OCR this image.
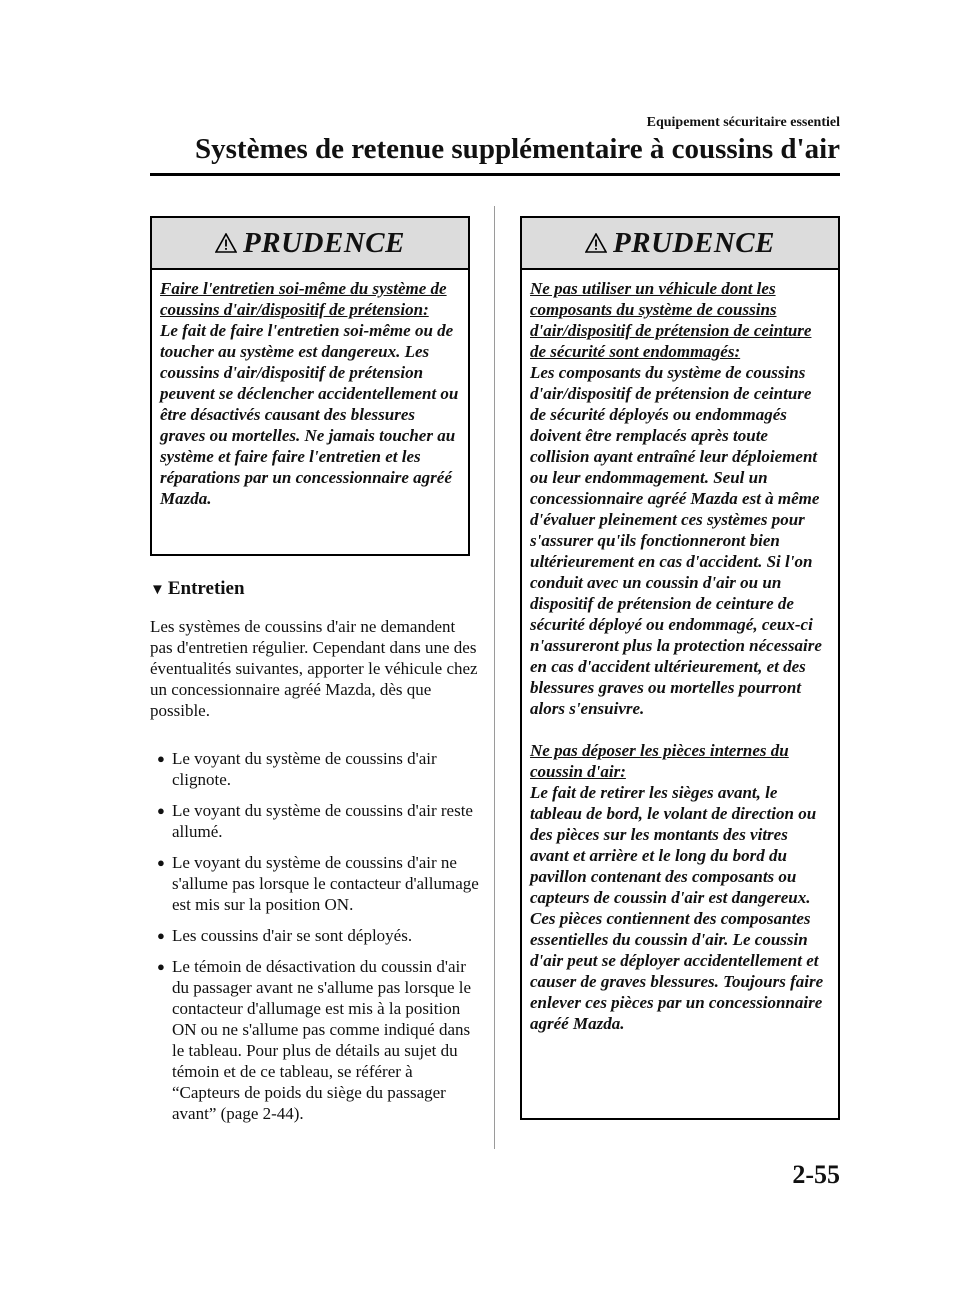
Equipement sécuritaire essentiel
Systèmes de retenue supplémentaire à coussins d'air
PRUDENCE

Faire l'entretien soi-même du système de coussins d'air/dispositif de prétension:

Le fait de faire l'entretien soi-même ou de toucher au système est dangereux. Les coussins d'air/dispositif de prétension peuvent se déclencher accidentellement ou être désactivés causant des blessures graves ou mortelles. Ne jamais toucher au système et faire faire l'entretien et les réparations par un concessionnaire agréé Mazda.

▼ Entretien
Les systèmes de coussins d'air ne demandent pas d'entretien régulier. Cependant dans une des éventualités suivantes, apporter le véhicule chez un concessionnaire agréé Mazda, dès que possible.
● Le voyant du système de coussins d'air clignote.
● Le voyant du système de coussins d'air reste allumé.
● Le voyant du système de coussins d'air ne s'allume pas lorsque le contacteur d'allumage est mis sur la position ON.
● Les coussins d'air se sont déployés.
● Le témoin de désactivation du coussin d'air du passager avant ne s'allume pas lorsque le contacteur d'allumage est mis à la position ON ou ne s'allume pas comme indiqué dans le tableau. Pour plus de détails au sujet du témoin et de ce tableau, se référer à “Capteurs de poids du siège du passager avant” (page 2-44).
PRUDENCE

Ne pas utiliser un véhicule dont les composants du système de coussins d'air/dispositif de prétension de ceinture de sécurité sont endommagés:

Les composants du système de coussins d'air/dispositif de prétension de ceinture de sécurité déployés ou endommagés doivent être remplacés après toute collision ayant entraîné leur déploiement ou leur endommagement. Seul un concessionnaire agréé Mazda est à même d'évaluer pleinement ces systèmes pour s'assurer qu'ils fonctionneront bien ultérieurement en cas d'accident. Si l'on conduit avec un coussin d'air ou un dispositif de prétension de ceinture de sécurité déployé ou endommagé, ceux-ci n'assureront plus la protection nécessaire en cas d'accident ultérieurement, et des blessures graves ou mortelles pourront alors s'ensuivre.

Ne pas déposer les pièces internes du coussin d'air:

Le fait de retirer les sièges avant, le tableau de bord, le volant de direction ou des pièces sur les montants des vitres avant et arrière et le long du bord du pavillon contenant des composants ou capteurs de coussin d'air est dangereux. Ces pièces contiennent des composantes essentielles du coussin d'air. Le coussin d'air peut se déployer accidentellement et causer de graves blessures. Toujours faire enlever ces pièces par un concessionnaire agréé Mazda.

2-55
